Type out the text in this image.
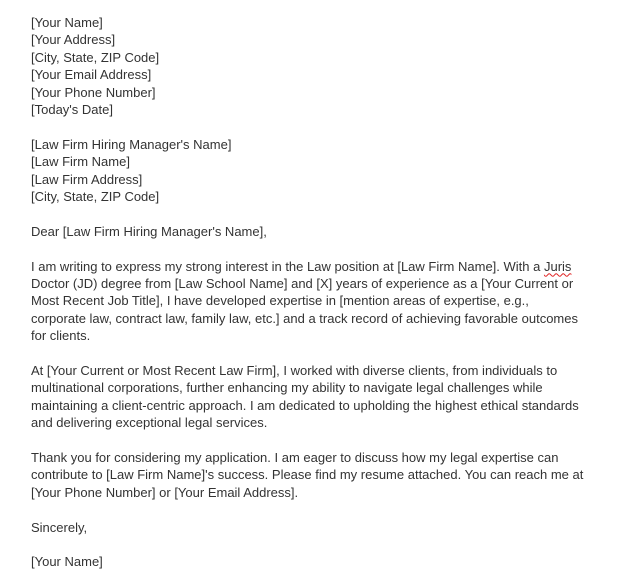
[Your Name]
[Your Address]
[City, State, ZIP Code]
[Your Email Address]
[Your Phone Number]
[Today's Date]
[Law Firm Hiring Manager's Name]
[Law Firm Name]
[Law Firm Address]
[City, State, ZIP Code]
Dear [Law Firm Hiring Manager's Name],
I am writing to express my strong interest in the Law position at [Law Firm Name]. With a Juris
Doctor (JD) degree from [Law School Name] and [X] years of experience as a [Your Current or
Most Recent Job Title], I have developed expertise in [mention areas of expertise, e.g.,
corporate law, contract law, family law, etc.] and a track record of achieving favorable outcomes
for clients.
At [Your Current or Most Recent Law Firm], I worked with diverse clients, from individuals to
multinational corporations, further enhancing my ability to navigate legal challenges while
maintaining a client-centric approach. I am dedicated to upholding the highest ethical standards
and delivering exceptional legal services.
Thank you for considering my application. I am eager to discuss how my legal expertise can
contribute to [Law Firm Name]'s success. Please find my resume attached. You can reach me at
[Your Phone Number] or [Your Email Address].
Sincerely,
[Your Name]
